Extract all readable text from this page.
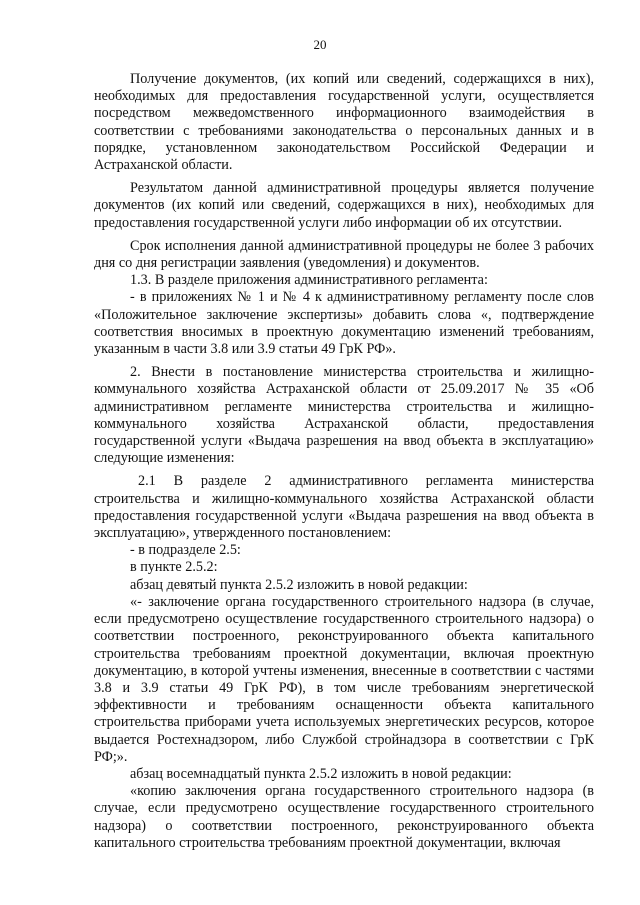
20

Получение документов, (их копий или сведений, содержащихся в них), необходимых для предоставления государственной услуги, осуществляется посредством межведомственного информационного взаимодействия в соответствии с требованиями законодательства о персональных данных и в порядке, установленном законодательством Российской Федерации и Астраханской области.

Результатом данной административной процедуры является получение документов (их копий или сведений, содержащихся в них), необходимых для предоставления государственной услуги либо информации об их отсутствии.

Срок исполнения данной административной процедуры не более 3 рабочих дня со дня регистрации заявления (уведомления) и документов.

1.3. В разделе приложения административного регламента:

- в приложениях № 1 и № 4 к административному регламенту после слов «Положительное заключение экспертизы» добавить слова «, подтверждение соответствия вносимых в проектную документацию изменений требованиям, указанным в части 3.8 или 3.9 статьи 49 ГрК РФ».

2. Внести в постановление министерства строительства и жилищно-коммунального хозяйства Астраханской области от 25.09.2017 № 35 «Об административном регламенте министерства строительства и жилищно-коммунального хозяйства Астраханской области, предоставления государственной услуги «Выдача разрешения на ввод объекта в эксплуатацию» следующие изменения:

2.1 В разделе 2 административного регламента министерства строительства и жилищно-коммунального хозяйства Астраханской области предоставления государственной услуги «Выдача разрешения на ввод объекта в эксплуатацию», утвержденного постановлением:

- в подразделе 2.5:

в пункте 2.5.2:

абзац девятый пункта 2.5.2 изложить в новой редакции:

«- заключение органа государственного строительного надзора (в случае, если предусмотрено осуществление государственного строительного надзора) о соответствии построенного, реконструированного объекта капитального строительства требованиям проектной документации, включая проектную документацию, в которой учтены изменения, внесенные в соответствии с частями 3.8 и 3.9 статьи 49 ГрК РФ), в том числе требованиям энергетической эффективности и требованиям оснащенности объекта капитального строительства приборами учета используемых энергетических ресурсов, которое выдается Ростехнадзором, либо Службой стройнадзора в соответствии с ГрК РФ;».

абзац восемнадцатый пункта 2.5.2 изложить в новой редакции:

«копию заключения органа государственного строительного надзора (в случае, если предусмотрено осуществление государственного строительного надзора) о соответствии построенного, реконструированного объекта капитального строительства требованиям проектной документации, включая
